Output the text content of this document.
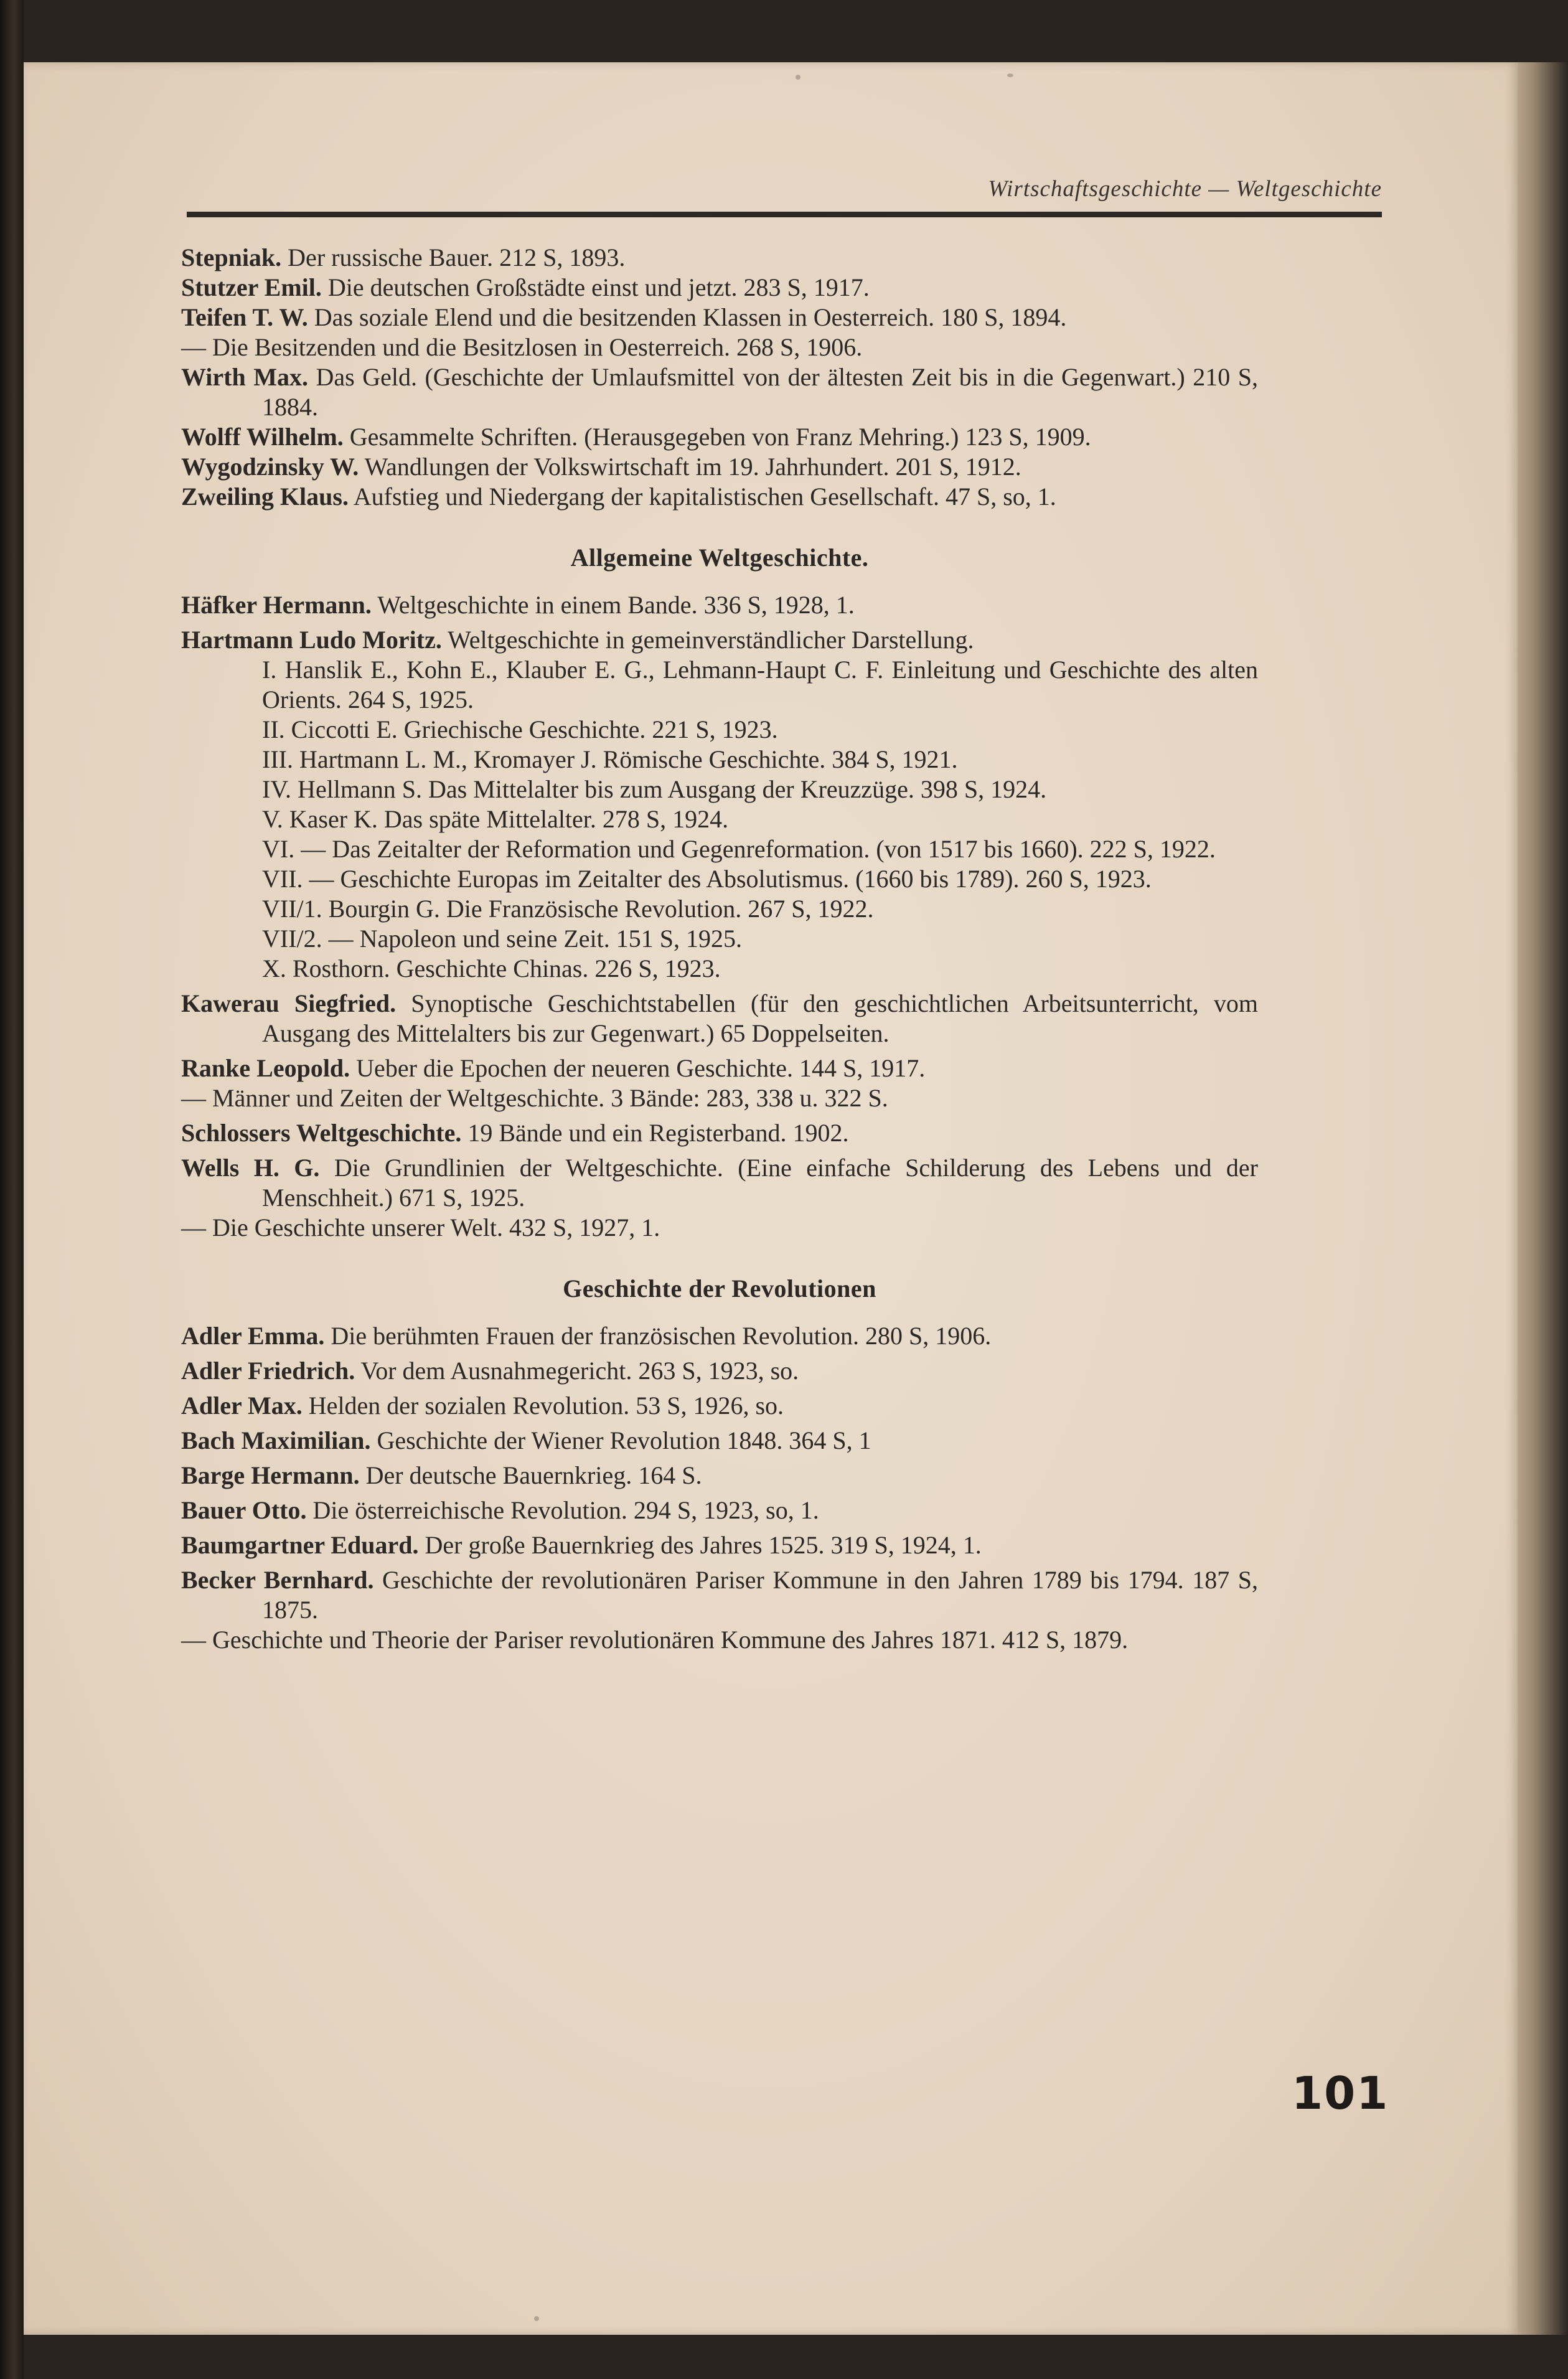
Wirtschaftsgeschichte — Weltgeschichte

Stepniak. Der russische Bauer. 212 S, 1893.

Stutzer Emil. Die deutschen Großstädte einst und jetzt. 283 S, 1917.

Teifen T. W. Das soziale Elend und die besitzenden Klassen in Oesterreich. 180 S, 1894.

— Die Besitzenden und die Besitzlosen in Oesterreich. 268 S, 1906.

Wirth Max. Das Geld. (Geschichte der Umlaufsmittel von der ältesten Zeit bis in die Gegenwart.) 210 S, 1884.

Wolff Wilhelm. Gesammelte Schriften. (Herausgegeben von Franz Mehring.) 123 S, 1909.

Wygodzinsky W. Wandlungen der Volkswirtschaft im 19. Jahrhundert. 201 S, 1912.

Zweiling Klaus. Aufstieg und Niedergang der kapitalistischen Gesellschaft. 47 S, so, 1.

Allgemeine Weltgeschichte.

Häfker Hermann. Weltgeschichte in einem Bande. 336 S, 1928, 1.

Hartmann Ludo Moritz. Weltgeschichte in gemeinverständlicher Darstellung.

I. Hanslik E., Kohn E., Klauber E. G., Lehmann-Haupt C. F. Einleitung und Geschichte des alten Orients. 264 S, 1925.

II. Ciccotti E. Griechische Geschichte. 221 S, 1923.

III. Hartmann L. M., Kromayer J. Römische Geschichte. 384 S, 1921.

IV. Hellmann S. Das Mittelalter bis zum Ausgang der Kreuzzüge. 398 S, 1924.

V. Kaser K. Das späte Mittelalter. 278 S, 1924.

VI. — Das Zeitalter der Reformation und Gegenreformation. (von 1517 bis 1660). 222 S, 1922.

VII. — Geschichte Europas im Zeitalter des Absolutismus. (1660 bis 1789). 260 S, 1923.

VII/1. Bourgin G. Die Französische Revolution. 267 S, 1922.

VII/2. — Napoleon und seine Zeit. 151 S, 1925.

X. Rosthorn. Geschichte Chinas. 226 S, 1923.

Kawerau Siegfried. Synoptische Geschichtstabellen (für den geschichtlichen Arbeitsunterricht, vom Ausgang des Mittelalters bis zur Gegenwart.) 65 Doppelseiten.

Ranke Leopold. Ueber die Epochen der neueren Geschichte. 144 S, 1917.

— Männer und Zeiten der Weltgeschichte. 3 Bände: 283, 338 u. 322 S.

Schlossers Weltgeschichte. 19 Bände und ein Registerband. 1902.

Wells H. G. Die Grundlinien der Weltgeschichte. (Eine einfache Schilderung des Lebens und der Menschheit.) 671 S, 1925.

— Die Geschichte unserer Welt. 432 S, 1927, 1.

Geschichte der Revolutionen

Adler Emma. Die berühmten Frauen der französischen Revolution. 280 S, 1906.

Adler Friedrich. Vor dem Ausnahmegericht. 263 S, 1923, so.

Adler Max. Helden der sozialen Revolution. 53 S, 1926, so.

Bach Maximilian. Geschichte der Wiener Revolution 1848. 364 S, 1

Barge Hermann. Der deutsche Bauernkrieg. 164 S.

Bauer Otto. Die österreichische Revolution. 294 S, 1923, so, 1.

Baumgartner Eduard. Der große Bauernkrieg des Jahres 1525. 319 S, 1924, 1.

Becker Bernhard. Geschichte der revolutionären Pariser Kommune in den Jahren 1789 bis 1794. 187 S, 1875.

— Geschichte und Theorie der Pariser revolutionären Kommune des Jahres 1871. 412 S, 1879.

101
